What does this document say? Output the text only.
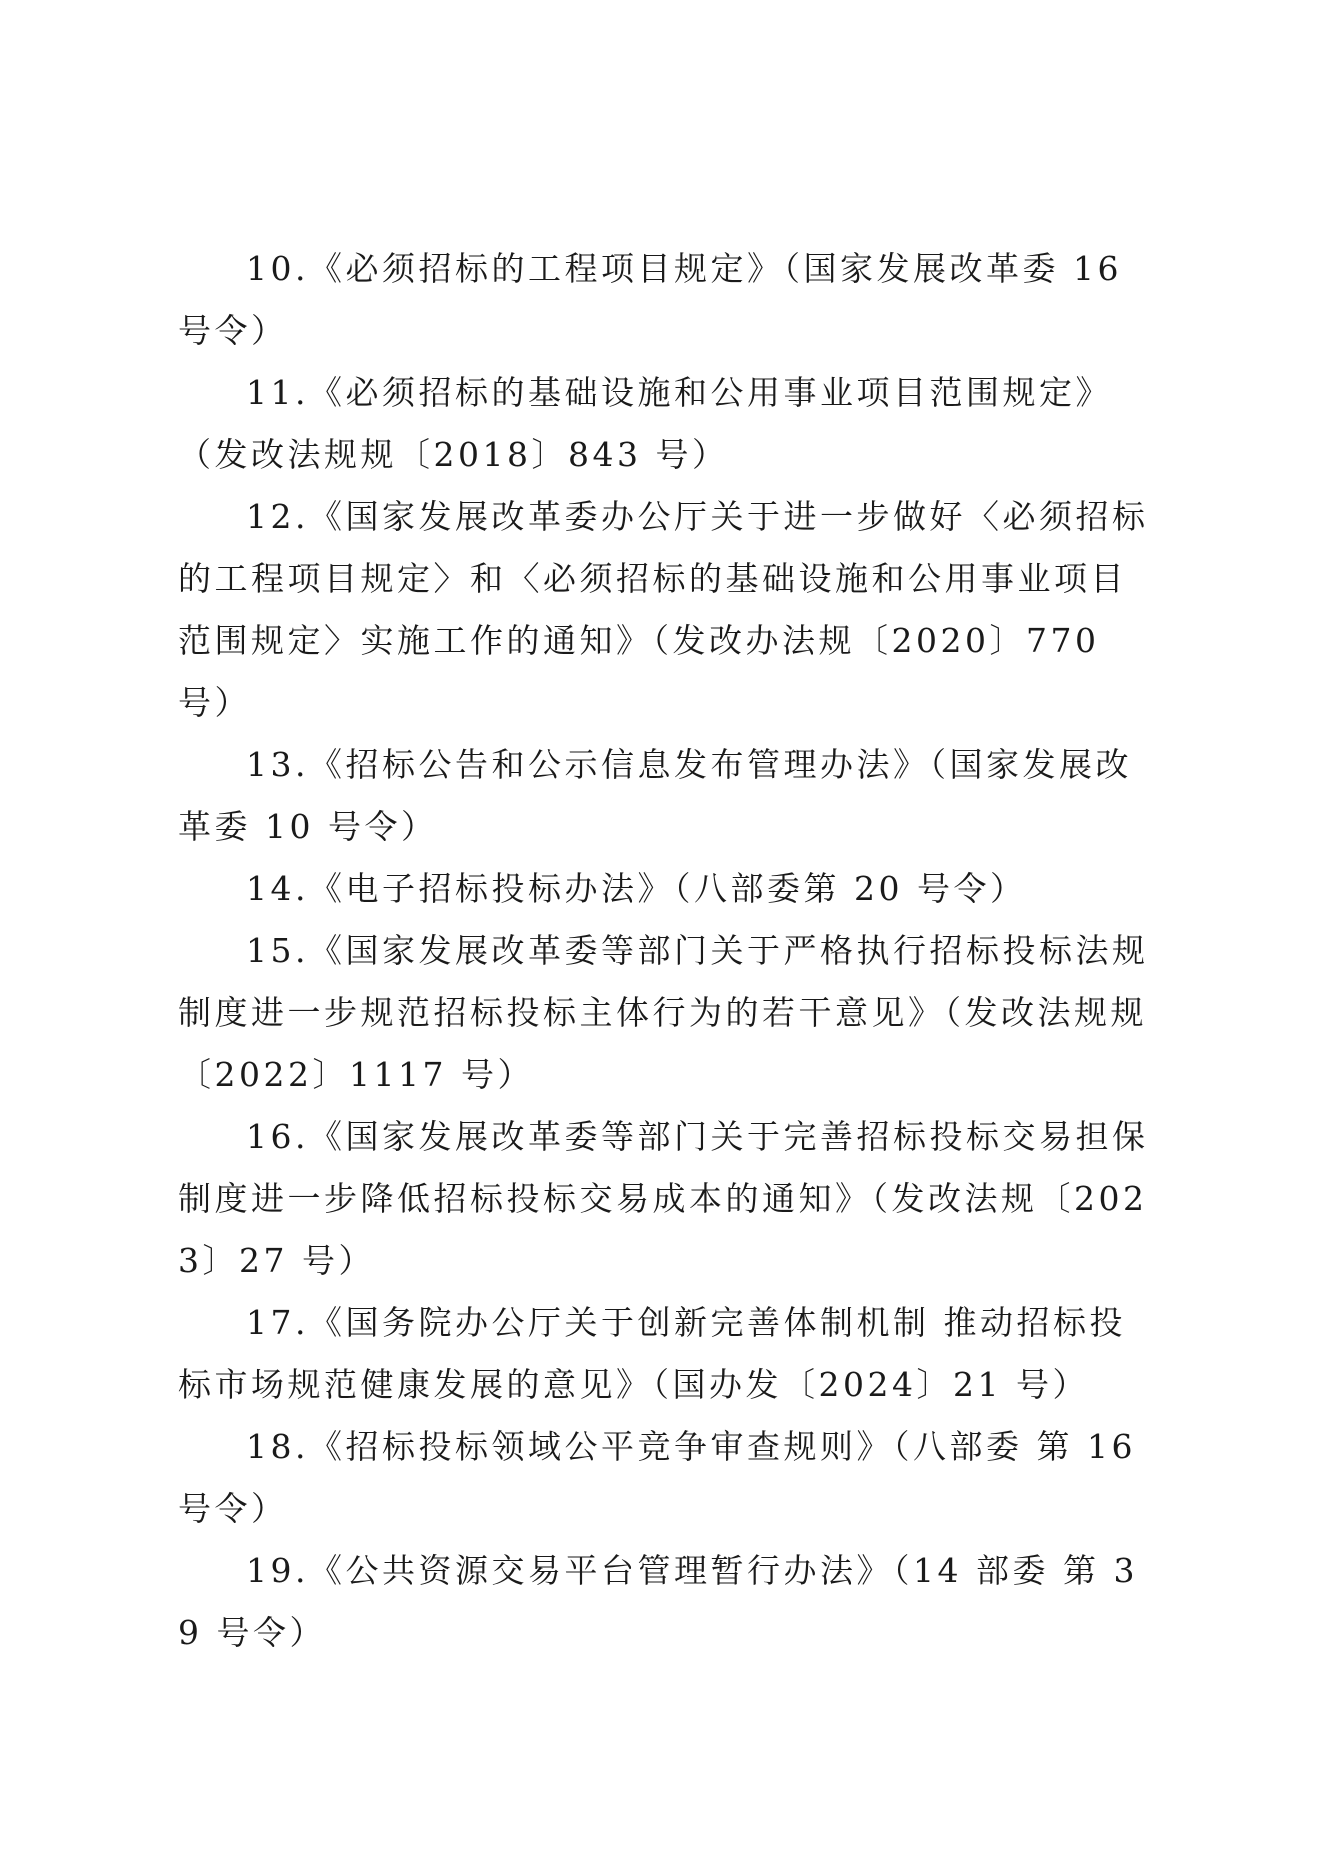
10.《必须招标的工程项目规定》（国家发展改革委 16 号令）

11.《必须招标的基础设施和公用事业项目范围规定》（发改法规规〔2018〕843 号）

12.《国家发展改革委办公厅关于进一步做好〈必须招标的工程项目规定〉和〈必须招标的基础设施和公用事业项目范围规定〉实施工作的通知》（发改办法规〔2020〕770 号）

13.《招标公告和公示信息发布管理办法》（国家发展改革委 10 号令）

14.《电子招标投标办法》（八部委第 20 号令）

15.《国家发展改革委等部门关于严格执行招标投标法规制度进一步规范招标投标主体行为的若干意见》（发改法规规〔2022〕1117 号）

16.《国家发展改革委等部门关于完善招标投标交易担保制度进一步降低招标投标交易成本的通知》（发改法规〔2023〕27 号）

17.《国务院办公厅关于创新完善体制机制 推动招标投标市场规范健康发展的意见》（国办发〔2024〕21 号）

18.《招标投标领域公平竞争审查规则》（八部委 第 16 号令）

19.《公共资源交易平台管理暂行办法》（14 部委 第 39 号令）
